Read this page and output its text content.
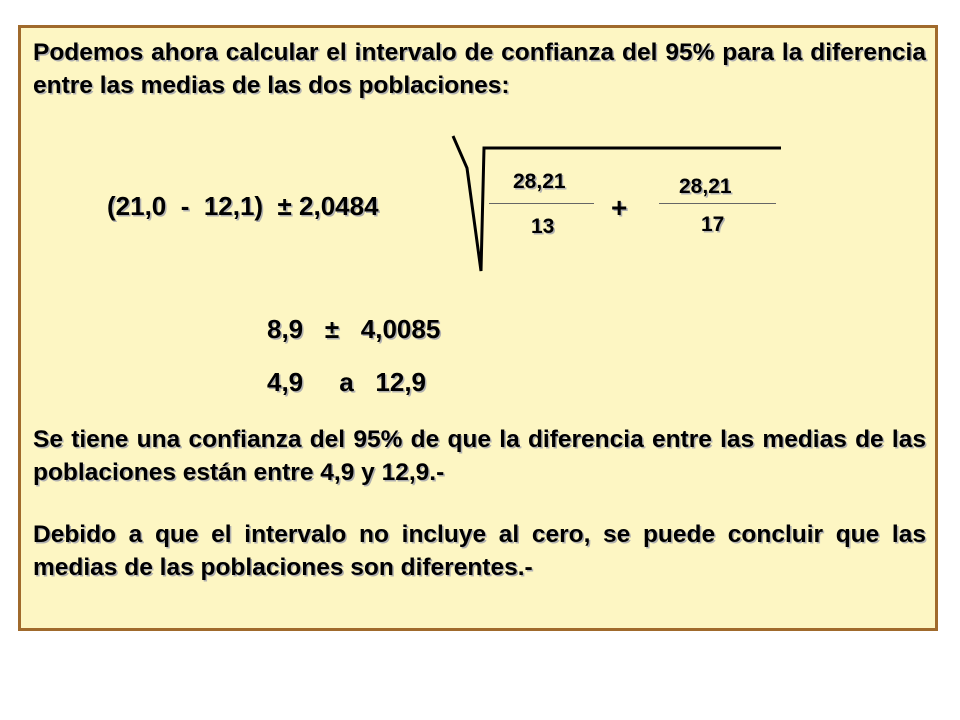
Podemos ahora calcular el intervalo de confianza del 95% para la diferencia entre las medias de las dos poblaciones:

(21,0  -  12,1)  ± 2,0484
28,21
13
+
28,21
17
8,9   ±   4,0085
4,9     a   12,9

Se tiene una confianza del 95% de que la diferencia entre las medias de las poblaciones están entre 4,9 y 12,9.-

Debido a que el intervalo no incluye al cero, se puede concluir que las medias de las poblaciones son diferentes.-
